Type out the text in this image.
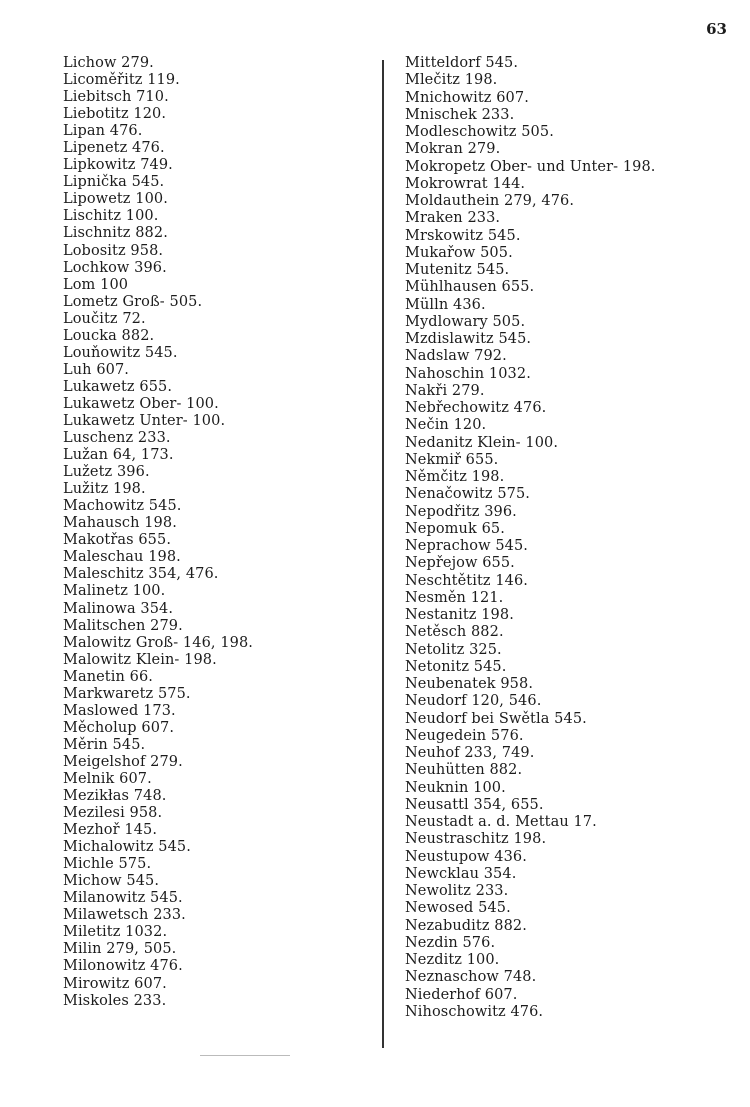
63
Lichow 279.
Licoměřitz 119.
Liebitsch 710.
Liebotitz 120.
Lipan 476.
Lipenetz 476.
Lipkowitz 749.
Lipnička 545.
Lipowetz 100.
Lischitz 100.
Lischnitz 882.
Lobositz 958.
Lochkow 396.
Lom 100
Lometz Groß- 505.
Loučitz 72.
Loucka 882.
Louňowitz 545.
Luh 607.
Lukawetz 655.
Lukawetz Ober- 100.
Lukawetz Unter- 100.
Luschenz 233.
Lužan 64, 173.
Lužetz 396.
Lužitz 198.
Machowitz 545.
Mahausch 198.
Makotřas 655.
Maleschau 198.
Maleschitz 354, 476.
Malinetz 100.
Malinowa 354.
Malitschen 279.
Malowitz Groß- 146, 198.
Malowitz Klein- 198.
Manetin 66.
Markwaretz 575.
Maslowed 173.
Měcholup 607.
Měrin 545.
Meigelshof 279.
Melnik 607.
Mezikłas 748.
Mezilesi 958.
Mezhoř 145.
Michalowitz 545.
Michle 575.
Michow 545.
Milanowitz 545.
Milawetsch 233.
Miletitz 1032.
Milin 279, 505.
Milonowitz 476.
Mirowitz 607.
Miskoles 233.
Mitteldorf 545.
Mlečitz 198.
Mnichowitz 607.
Mnischek 233.
Modleschowitz 505.
Mokran 279.
Mokropetz Ober- und Unter- 198.
Mokrowrat 144.
Moldauthein 279, 476.
Mraken 233.
Mrskowitz 545.
Mukařow 505.
Mutenitz 545.
Mühlhausen 655.
Mülln 436.
Mydlowary 505.
Mzdislawitz 545.
Nadslaw 792.
Nahoschin 1032.
Nakři 279.
Nebřechowitz 476.
Nečin 120.
Nedanitz Klein- 100.
Nekmiř 655.
Němčitz 198.
Nenačowitz 575.
Nepodřitz 396.
Nepomuk 65.
Neprachow 545.
Nepřejow 655.
Neschtětitz 146.
Nesměn 121.
Nestanitz 198.
Netěsch 882.
Netolitz 325.
Netonitz 545.
Neubenatek 958.
Neudorf 120, 546.
Neudorf bei Swětla 545.
Neugedein 576.
Neuhof 233, 749.
Neuhütten 882.
Neuknin 100.
Neusattl 354, 655.
Neustadt a. d. Mettau 17.
Neustraschitz 198.
Neustupow 436.
Newcklau 354.
Newolitz 233.
Newosed 545.
Nezabuditz 882.
Nezdin 576.
Nezditz 100.
Neznaschow 748.
Niederhof 607.
Nihoschowitz 476.
